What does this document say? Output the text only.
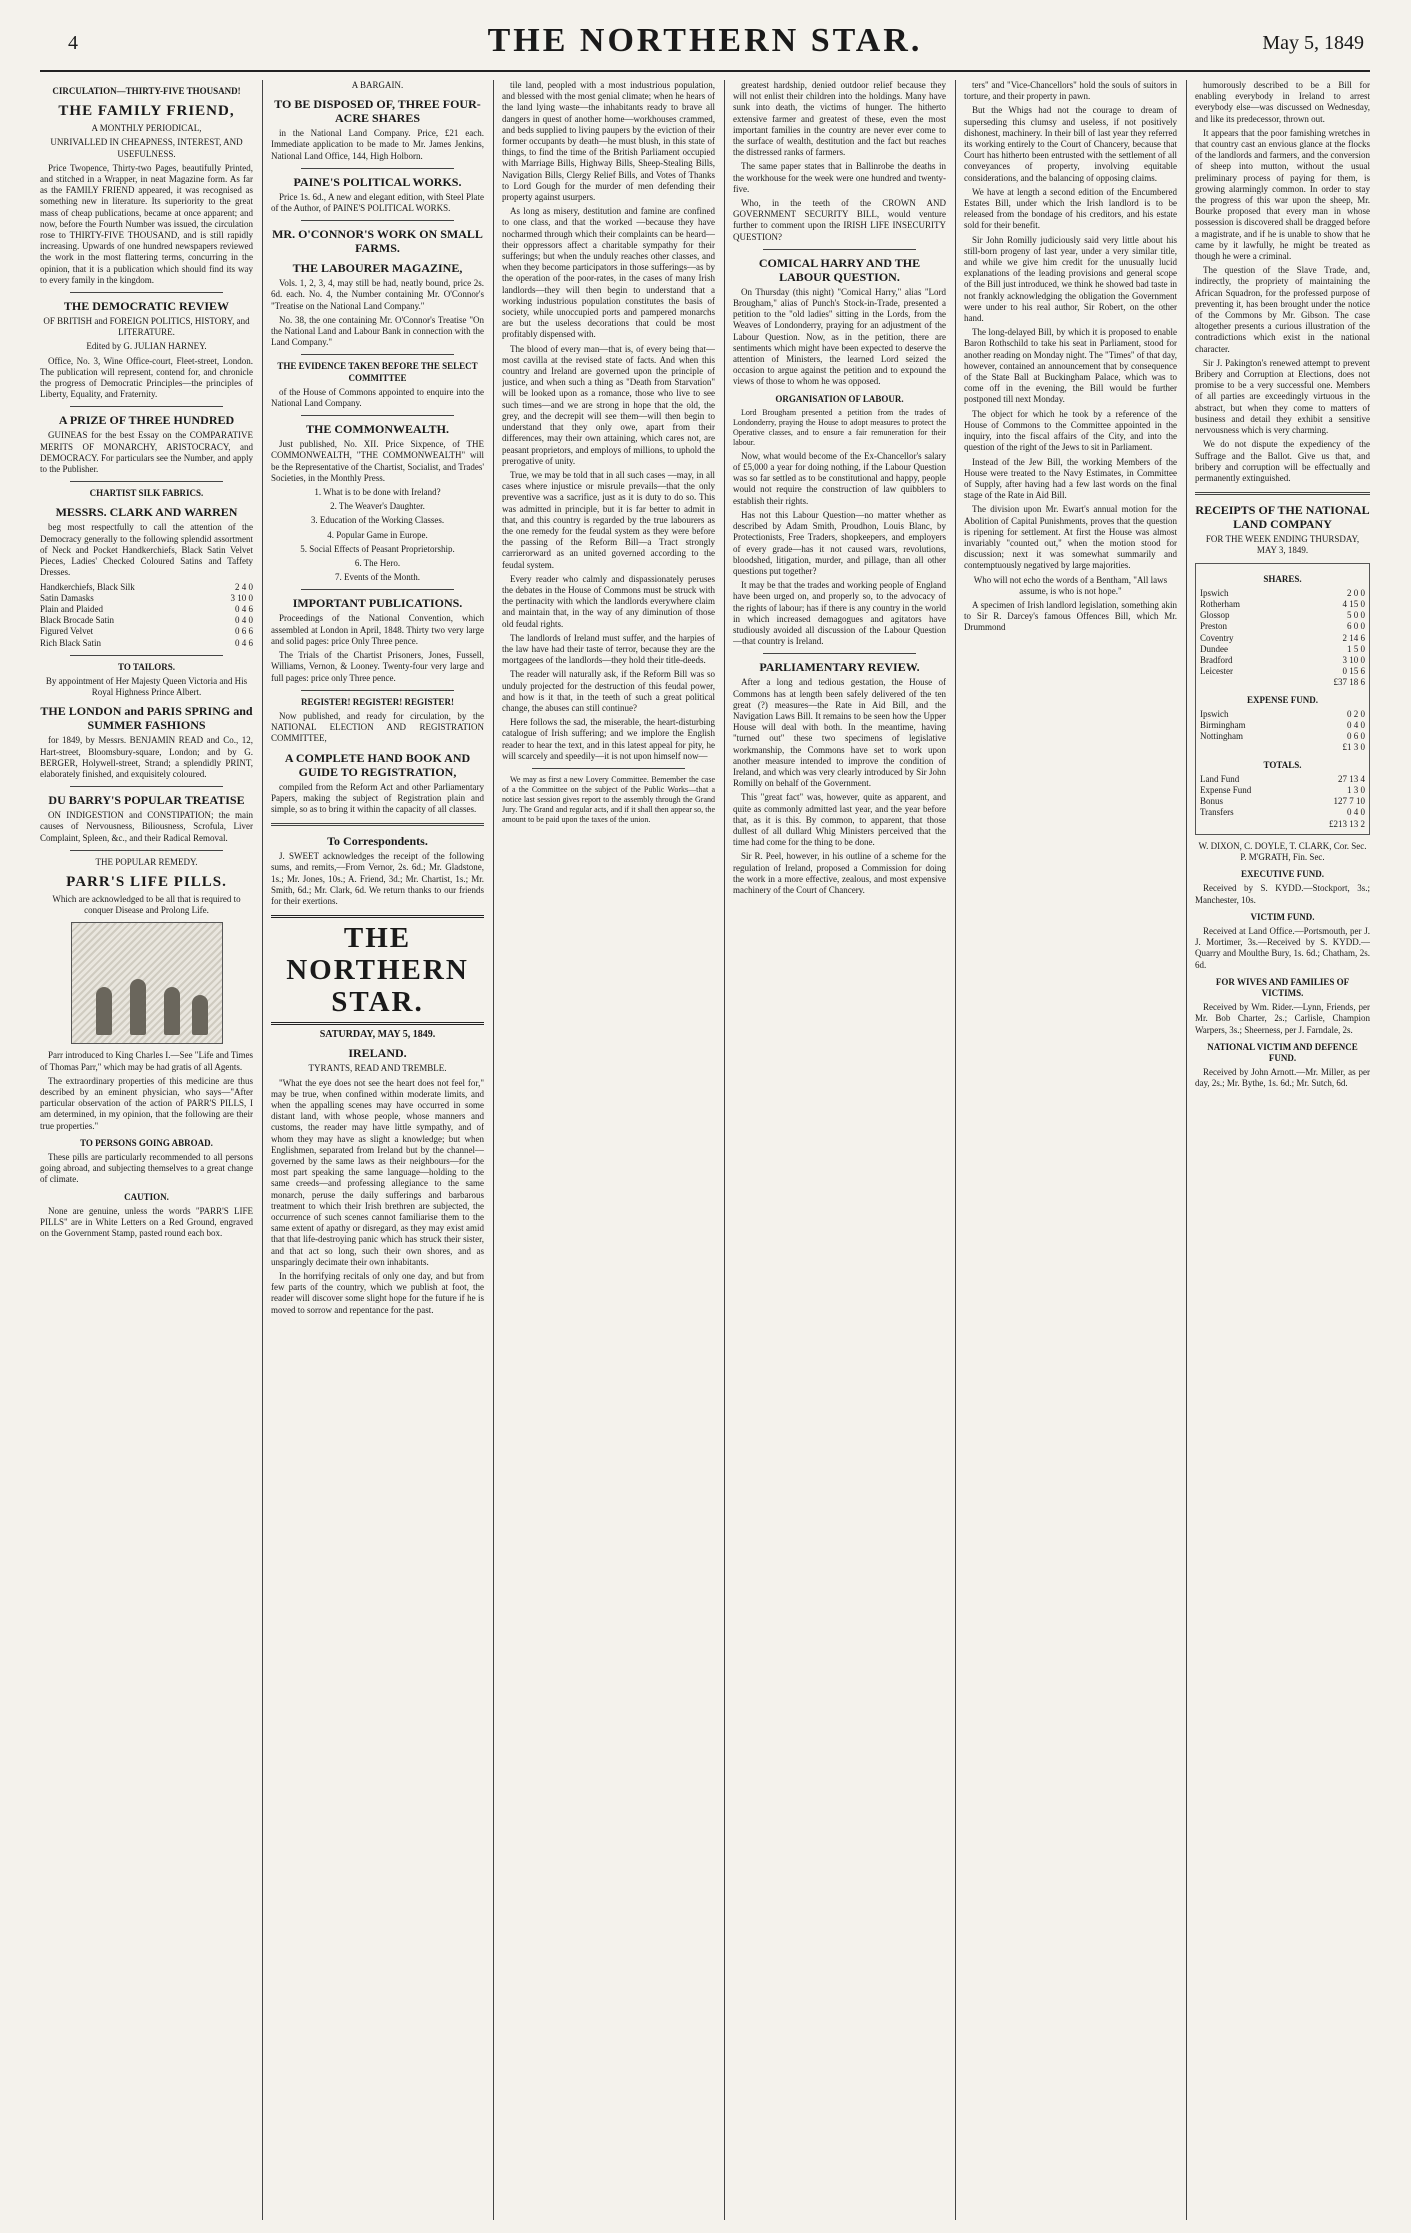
4	THE NORTHERN STAR.	May 5, 1849

CIRCULATION—THIRTY-FIVE THOUSAND!

THE FAMILY FRIEND,

A MONTHLY PERIODICAL,

UNRIVALLED IN CHEAPNESS, INTEREST, AND USEFULNESS.

Price Twopence, Thirty-two Pages, beautifully Printed, and stitched in a Wrapper, in neat Magazine form. As far as the FAMILY FRIEND appeared, it was recognised as something new in literature. Its superiority to the great mass of cheap publications, became at once apparent; and now, before the Fourth Number was issued, the circulation rose to THIRTY-FIVE THOUSAND, and is still rapidly increasing. Upwards of one hundred newspapers reviewed the work in the most flattering terms, concurring in the opinion, that it is a publication which should find its way to every family in the kingdom.

THE DEMOCRATIC REVIEW

OF BRITISH and FOREIGN POLITICS, HISTORY, and LITERATURE.

Edited by G. JULIAN HARNEY.

Office, No. 3, Wine Office-court, Fleet-street, London. The publication will represent, contend for, and chronicle the progress of Democratic Principles—the principles of Liberty, Equality, and Fraternity.

A PRIZE OF THREE HUNDRED

GUINEAS for the best Essay on the COMPARATIVE MERITS OF MONARCHY, ARISTOCRACY, and DEMOCRACY. For particulars see the Number, and apply to the Publisher.

CHARTIST SILK FABRICS.

MESSRS. CLARK AND WARREN

beg most respectfully to call the attention of the Democracy generally to the following splendid assortment of Neck and Pocket Handkerchiefs, Black Satin Velvet Pieces, Ladies' Checked Coloured Satins and Taffety Dresses.

Handkerchiefs, Black Silk	2 4 0
Satin Damasks	3 10 0
Plain and Plaided	0 4 6
Black Brocade Satin	0 4 0
Figured Velvet	0 6 6
Rich Black Satin	0 4 6

TO TAILORS.

By appointment of Her Majesty Queen Victoria and His Royal Highness Prince Albert.

THE LONDON and PARIS SPRING and SUMMER FASHIONS

for 1849, by Messrs. BENJAMIN READ and Co., 12, Hart-street, Bloomsbury-square, London; and by G. BERGER, Holywell-street, Strand; a splendidly PRINT, elaborately finished, and exquisitely coloured.

DU BARRY'S POPULAR TREATISE

ON INDIGESTION and CONSTIPATION; the main causes of Nervousness, Biliousness, Scrofula, Liver Complaint, Spleen, &c., and their Radical Removal.

THE POPULAR REMEDY.

PARR'S LIFE PILLS.

Which are acknowledged to be all that is required to conquer Disease and Prolong Life.

Parr introduced to King Charles I.—See "Life and Times of Thomas Parr," which may be had gratis of all Agents.

The extraordinary properties of this medicine are thus described by an eminent physician, who says—"After particular observation of the action of PARR'S PILLS, I am determined, in my opinion, that the following are their true properties."

TO PERSONS GOING ABROAD.

These pills are particularly recommended to all persons going abroad, and subjecting themselves to a great change of climate.

CAUTION.

None are genuine, unless the words "PARR'S LIFE PILLS" are in White Letters on a Red Ground, engraved on the Government Stamp, pasted round each box.

A BARGAIN.

TO BE DISPOSED OF, THREE FOUR-ACRE SHARES

in the National Land Company. Price, £21 each. Immediate application to be made to Mr. James Jenkins, National Land Office, 144, High Holborn.

PAINE'S POLITICAL WORKS.

Price 1s. 6d., A new and elegant edition, with Steel Plate of the Author, of PAINE'S POLITICAL WORKS.

MR. O'CONNOR'S WORK ON SMALL FARMS.

THE LABOURER MAGAZINE,

Vols. 1, 2, 3, 4, may still be had, neatly bound, price 2s. 6d. each. No. 4, the Number containing Mr. O'Connor's "Treatise on the National Land Company."

No. 38, the one containing Mr. O'Connor's Treatise "On the National Land and Labour Bank in connection with the Land Company."

THE EVIDENCE TAKEN BEFORE THE SELECT COMMITTEE

of the House of Commons appointed to enquire into the National Land Company.

THE COMMONWEALTH.

Just published, No. XII. Price Sixpence, of THE COMMONWEALTH, "THE COMMONWEALTH" will be the Representative of the Chartist, Socialist, and Trades' Societies, in the Monthly Press.

1. What is to be done with Ireland?

2. The Weaver's Daughter.

3. Education of the Working Classes.

4. Popular Game in Europe.

5. Social Effects of Peasant Proprietorship.

6. The Hero.

7. Events of the Month.

IMPORTANT PUBLICATIONS.

Proceedings of the National Convention, which assembled at London in April, 1848. Thirty two very large and solid pages: price Only Three pence.

The Trials of the Chartist Prisoners, Jones, Fussell, Williams, Vernon, & Looney. Twenty-four very large and full pages: price only Three pence.

REGISTER! REGISTER! REGISTER!

Now published, and ready for circulation, by the NATIONAL ELECTION AND REGISTRATION COMMITTEE,

A COMPLETE HAND BOOK AND GUIDE TO REGISTRATION,

compiled from the Reform Act and other Parliamentary Papers, making the subject of Registration plain and simple, so as to bring it within the capacity of all classes.

To Correspondents.

J. SWEET acknowledges the receipt of the following sums, and remits,—From Vernor, 2s. 6d.; Mr. Gladstone, 1s.; Mr. Jones, 10s.; A. Friend, 3d.; Mr. Chartist, 1s.; Mr. Smith, 6d.; Mr. Clark, 6d. We return thanks to our friends for their exertions.

THE NORTHERN STAR.
SATURDAY, MAY 5, 1849.

IRELAND.

TYRANTS, READ AND TREMBLE.

"What the eye does not see the heart does not feel for," may be true, when confined within moderate limits, and when the appalling scenes may have occurred in some distant land, with whose people, whose manners and customs, the reader may have little sympathy, and of whom they may have as slight a knowledge; but when Englishmen, separated from Ireland but by the channel—governed by the same laws as their neighbours—for the most part speaking the same language—holding to the same creeds—and professing allegiance to the same monarch, peruse the daily sufferings and barbarous treatment to which their Irish brethren are subjected, the occurrence of such scenes cannot familiarise them to the same extent of apathy or disregard, as they may exist amid that that life-destroying panic which has struck their sister, and that act so long, such their own shores, and as unsparingly decimate their own inhabitants.

In the horrifying recitals of only one day, and but from few parts of the country, which we publish at foot, the reader will discover some slight hope for the future if he is moved to sorrow and repentance for the past.

tile land, peopled with a most industrious population, and blessed with the most genial climate; when he hears of the land lying waste—the inhabitants ready to brave all dangers in quest of another home—workhouses crammed, and beds supplied to living paupers by the eviction of their former occupants by death—he must blush, in this state of things, to find the time of the British Parliament occupied with Marriage Bills, Highway Bills, Sheep-Stealing Bills, Navigation Bills, Clergy Relief Bills, and Votes of Thanks to Lord Gough for the murder of men defending their property against usurpers.

As long as misery, destitution and famine are confined to one class, and that the worked —because they have nocharmed through which their complaints can be heard—their oppressors affect a charitable sympathy for their sufferings; but when the unduly reaches other classes, and when they become participators in those sufferings—as by the operation of the poor-rates, in the cases of many Irish landlords—they will then begin to understand that a working industrious population constitutes the basis of society, while unoccupied ports and pampered monarchs are but the useless decorations that could be most profitably dispensed with.

The blood of every man—that is, of every being that—most cavilla at the revised state of facts. And when this country and Ireland are governed upon the principle of justice, and when such a thing as "Death from Starvation" will be looked upon as a romance, those who live to see such times—and we are strong in hope that the old, the grey, and the decrepit will see them—will then begin to understand that they only owe, apart from their differences, may their own attaining, which cares not, are peasant proprietors, and employs of millions, to uphold the prerogative of unity.

True, we may be told that in all such cases —may, in all cases where injustice or misrule prevails—that the only preventive was a sacrifice, just as it is duty to do so. This was admitted in principle, but it is far better to admit in that, and this country is regarded by the true labourers as the one remedy for the feudal system as they were before the passing of the Reform Bill—a Tract strongly carrierorward as an united governed according to the feudal system.

Every reader who calmly and dispassionately peruses the debates in the House of Commons must be struck with the pertinacity with which the landlords everywhere claim and maintain that, in the way of any diminution of those old feudal rights.

The landlords of Ireland must suffer, and the harpies of the law have had their taste of terror, because they are the mortgagees of the landlords—they hold their title-deeds.

The reader will naturally ask, if the Reform Bill was so unduly projected for the destruction of this feudal power, and how is it that, in the teeth of such a great political change, the abuses can still continue?

Here follows the sad, the miserable, the heart-disturbing catalogue of Irish suffering; and we implore the English reader to hear the text, and in this latest appeal for pity, he will scarcely and speedily—it is not upon himself now—

We may as first a new Lovery Committee. Bemember the case of a the Committee on the subject of the Public Works—that a notice last session gives report to the assembly through the Grand Jury. The Grand and regular acts, and if it shall then appear so, the amount to be paid upon the taxes of the union.

greatest hardship, denied outdoor relief because they will not enlist their children into the holdings. Many have sunk into death, the victims of hunger. The hitherto extensive farmer and greatest of these, even the most important families in the country are never ever come to the surface of wealth, destitution and the fact but reaches the distressed ranks of farmers.

The same paper states that in Ballinrobe the deaths in the workhouse for the week were one hundred and twenty-five.

Who, in the teeth of the CROWN AND GOVERNMENT SECURITY BILL, would venture further to comment upon the IRISH LIFE INSECURITY QUESTION?

COMICAL HARRY AND THE LABOUR QUESTION.

On Thursday (this night) "Comical Harry," alias "Lord Brougham," alias of Punch's Stock-in-Trade, presented a petition to the "old ladies" sitting in the Lords, from the Weaves of Londonderry, praying for an adjustment of the Labour Question. Now, as in the petition, there are sentiments which might have been expected to deserve the attention of Ministers, the learned Lord seized the occasion to argue against the petition and to expound the views of those to whom he was opposed.

ORGANISATION OF LABOUR.

Lord Brougham presented a petition from the trades of Londonderry, praying the House to adopt measures to protect the Operative classes, and to ensure a fair remuneration for their labour.

Now, what would become of the Ex-Chancellor's salary of £5,000 a year for doing nothing, if the Labour Question was so far settled as to be constitutional and happy, people would not require the construction of law quibblers to establish their rights.

Has not this Labour Question—no matter whether as described by Adam Smith, Proudhon, Louis Blanc, by Protectionists, Free Traders, shopkeepers, and employers of every grade—has it not caused wars, revolutions, bloodshed, litigation, murder, and pillage, than all other questions put together?

It may be that the trades and working people of England have been urged on, and properly so, to the advocacy of the rights of labour; has if there is any country in the world in which increased demagogues and agitators have studiously avoided all discussion of the Labour Question—that country is Ireland.

PARLIAMENTARY REVIEW.

After a long and tedious gestation, the House of Commons has at length been safely delivered of the ten great (?) measures—the Rate in Aid Bill, and the Navigation Laws Bill. It remains to be seen how the Upper House will deal with both. In the meantime, having "turned out" these two specimens of legislative workmanship, the Commons have set to work upon another measure intended to improve the condition of Ireland, and which was very clearly introduced by Sir John Romilly on behalf of the Government.

This "great fact" was, however, quite as apparent, and quite as commonly admitted last year, and the year before that, as it is this. By common, to apparent, that those dullest of all dullard Whig Ministers perceived that the time had come for the thing to be done.

Sir R. Peel, however, in his outline of a scheme for the regulation of Ireland, proposed a Commission for doing the work in a more effective, zealous, and most expensive machinery of the Court of Chancery.

ters" and "Vice-Chancellors" hold the souls of suitors in torture, and their property in pawn.

But the Whigs had not the courage to dream of superseding this clumsy and useless, if not positively dishonest, machinery. In their bill of last year they referred its working entirely to the Court of Chancery, because that Court has hitherto been entrusted with the settlement of all conveyances of property, involving equitable considerations, and the balancing of opposing claims.

We have at length a second edition of the Encumbered Estates Bill, under which the Irish landlord is to be released from the bondage of his creditors, and his estate sold for their benefit.

Sir John Romilly judiciously said very little about his still-born progeny of last year, under a very similar title, and while we give him credit for the unusually lucid explanations of the leading provisions and general scope of the Bill just introduced, we think he showed bad taste in not frankly acknowledging the obligation the Government were under to his real author, Sir Robert, on the other hand.

The long-delayed Bill, by which it is proposed to enable Baron Rothschild to take his seat in Parliament, stood for another reading on Monday night. The "Times" of that day, however, contained an announcement that by consequence of the State Ball at Buckingham Palace, which was to come off in the evening, the Bill would be further postponed till next Monday.

The object for which he took by a reference of the House of Commons to the Committee appointed in the inquiry, into the fiscal affairs of the City, and into the question of the right of the Jews to sit in Parliament.

Instead of the Jew Bill, the working Members of the House were treated to the Navy Estimates, in Committee of Supply, after having had a few last words on the final stage of the Rate in Aid Bill.

The division upon Mr. Ewart's annual motion for the Abolition of Capital Punishments, proves that the question is ripening for settlement. At first the House was almost invariably "counted out," when the motion stood for discussion; next it was somewhat summarily and contemptuously negatived by large majorities.

Who will not echo the words of a Bentham, "All laws assume, is who is not hope."

A specimen of Irish landlord legislation, something akin to Sir R. Darcey's famous Offences Bill, which Mr. Drummond

humorously described to be a Bill for enabling everybody in Ireland to arrest everybody else—was discussed on Wednesday, and like its predecessor, thrown out.

It appears that the poor famishing wretches in that country cast an envious glance at the flocks of the landlords and farmers, and the conversion of sheep into mutton, without the usual preliminary process of paying for them, is growing alarmingly common. In order to stay the progress of this war upon the sheep, Mr. Bourke proposed that every man in whose possession is discovered shall be dragged before a magistrate, and if he is unable to show that he came by it lawfully, he might be treated as though he were a criminal.

The question of the Slave Trade, and, indirectly, the propriety of maintaining the African Squadron, for the professed purpose of preventing it, has been brought under the notice of the Commons by Mr. Gibson. The case altogether presents a curious illustration of the contradictions which exist in the national character.

Sir J. Pakington's renewed attempt to prevent Bribery and Corruption at Elections, does not promise to be a very successful one. Members of all parties are exceedingly virtuous in the abstract, but when they come to matters of business and detail they exhibit a sensitive nervousness which is very charming.

We do not dispute the expediency of the Suffrage and the Ballot. Give us that, and bribery and corruption will be effectually and permanently extinguished.

RECEIPTS OF THE NATIONAL LAND COMPANY

FOR THE WEEK ENDING THURSDAY, MAY 3, 1849.

SHARES.

Ipswich	2 0 0
Rotherham	4 15 0
Glossop	5 0 0
Preston	6 0 0
Coventry	2 14 6
Dundee	1 5 0
Bradford	3 10 0
Leicester	0 15 6
	£37 18 6

EXPENSE FUND.

Ipswich	0 2 0
Birmingham	0 4 0
Nottingham	0 6 0
	£1 3 0

TOTALS.

Land Fund	27 13 4
Expense Fund	1 3 0
Bonus	127 7 10
Transfers	0 4 0
	£213 13 2

W. DIXON, C. DOYLE, T. CLARK, Cor. Sec. P. M'GRATH, Fin. Sec.

EXECUTIVE FUND.

Received by S. KYDD.—Stockport, 3s.; Manchester, 10s.

VICTIM FUND.

Received at Land Office.—Portsmouth, per J. J. Mortimer, 3s.—Received by S. KYDD.—Quarry and Moulthe Bury, 1s. 6d.; Chatham, 2s. 6d.

FOR WIVES AND FAMILIES OF VICTIMS.

Received by Wm. Rider.—Lynn, Friends, per Mr. Bob Charter, 2s.; Carlisle, Champion Warpers, 3s.; Sheerness, per J. Farndale, 2s.

NATIONAL VICTIM AND DEFENCE FUND.

Received by John Arnott.—Mr. Miller, as per day, 2s.; Mr. Bythe, 1s. 6d.; Mr. Sutch, 6d.
